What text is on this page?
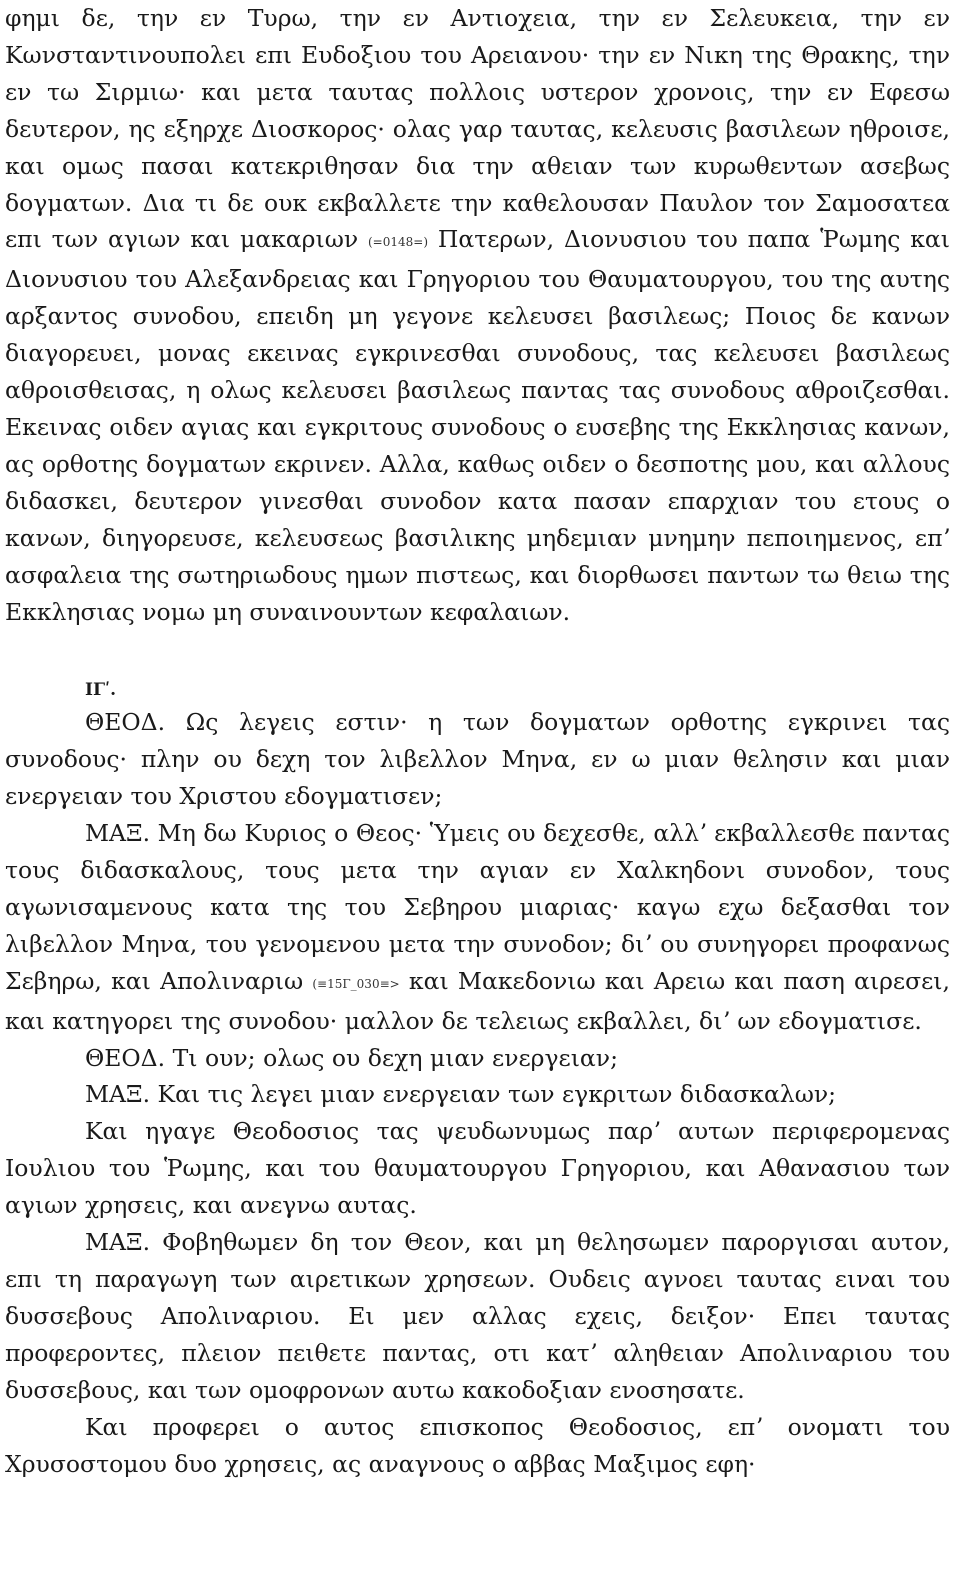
φημι δε, την εν Τυρω, την εν Αντιοχεια, την εν Σελευκεια, την εν Κωνσταντινουπολει επι Ευδοξιου του Αρειανου· την εν Νικη της Θρακης, την εν τω Σιρμιω· και μετα ταυτας πολλοις υστερον χρονοις, την εν Εφεσω δευτερον, ης εξηρχε Διοσκορος· ολας γαρ ταυτας, κελευσις βασιλεων ηθροισε, και ομως πασαι κατεκριθησαν δια την αθειαν των κυρωθεντων ασεβως δογματων. Δια τι δε ουκ εκβαλλετε την καθελουσαν Παυλον τον Σαμοσατεα επι των αγιων και μακαριων (=0148=) Πατερων, Διονυσιου του παπα Ῥωμης και Διονυσιου του Αλεξανδρειας και Γρηγοριου του Θαυματουργου, του της αυτης αρξαντος συνοδου, επειδη μη γεγονε κελευσει βασιλεως; Ποιος δε κανων διαγορευει, μονας εκεινας εγκρινεσθαι συνοδους, τας κελευσει βασιλεως αθροισθεισας, η ολως κελευσει βασιλεως παντας τας συνοδους αθροιζεσθαι. Εκεινας οιδεν αγιας και εγκριτους συνοδους ο ευσεβης της Εκκλησιας κανων, ας ορθοτης δογματων εκρινεν. Αλλα, καθως οιδεν ο δεσποτης μου, και αλλους διδασκει, δευτερον γινεσθαι συνοδον κατα πασαν επαρχιαν του ετους ο κανων, διηγορευσε, κελευσεως βασιλικης μηδεμιαν μνημην πεποιημενος, επʼ ασφαλεια της σωτηριωδους ημων πιστεως, και διορθωσει παντων τω θειω της Εκκλησιας νομω μη συναινουντων κεφαλαιων.

ΙΓʹ.

ΘΕΟΔ. Ως λεγεις εστιν· η των δογματων ορθοτης εγκρινει τας συνοδους· πλην ου δεχη τον λιβελλον Μηνα, εν ω μιαν θελησιν και μιαν ενεργειαν του Χριστου εδογματισεν;

ΜΑΞ. Μη δω Κυριος ο Θεος· Ὑμεις ου δεχεσθε, αλλʼ εκβαλλεσθε παντας τους διδασκαλους, τους μετα την αγιαν εν Χαλκηδονι συνοδον, τους αγωνισαμενους κατα της του Σεβηρου μιαριας· καγω εχω δεξασθαι τον λιβελλον Μηνα, του γενομενου μετα την συνοδον; διʼ ου συνηγορει προφανως Σεβηρω, και Απολιναριω (≡15Γ_030≡> και Μακεδονιω και Αρειω και παση αιρεσει, και κατηγορει της συνοδου· μαλλον δε τελειως εκβαλλει, διʼ ων εδογματισε.

ΘΕΟΔ. Τι ουν; ολως ου δεχη μιαν ενεργειαν;

ΜΑΞ. Και τις λεγει μιαν ενεργειαν των εγκριτων διδασκαλων;

Και ηγαγε Θεοδοσιος τας ψευδωνυμως παρʼ αυτων περιφερομενας Ιουλιου του Ῥωμης, και του θαυματουργου Γρηγοριου, και Αθανασιου των αγιων χρησεις, και ανεγνω αυτας.

ΜΑΞ. Φοβηθωμεν δη τον Θεον, και μη θελησωμεν παροργισαι αυτον, επι τη παραγωγη των αιρετικων χρησεων. Ουδεις αγνοει ταυτας ειναι του δυσσεβους Απολιναριου. Ει μεν αλλας εχεις, δειξον· Επει ταυτας προφεροντες, πλειον πειθετε παντας, οτι κατʼ αληθειαν Απολιναριου του δυσσεβους, και των ομοφρονων αυτω κακοδοξιαν ενοσησατε.

Και προφερει ο αυτος επισκοπος Θεοδοσιος, επʼ ονοματι του Χρυσοστομου δυο χρησεις, ας αναγνους ο αββας Μαξιμος εφη·
